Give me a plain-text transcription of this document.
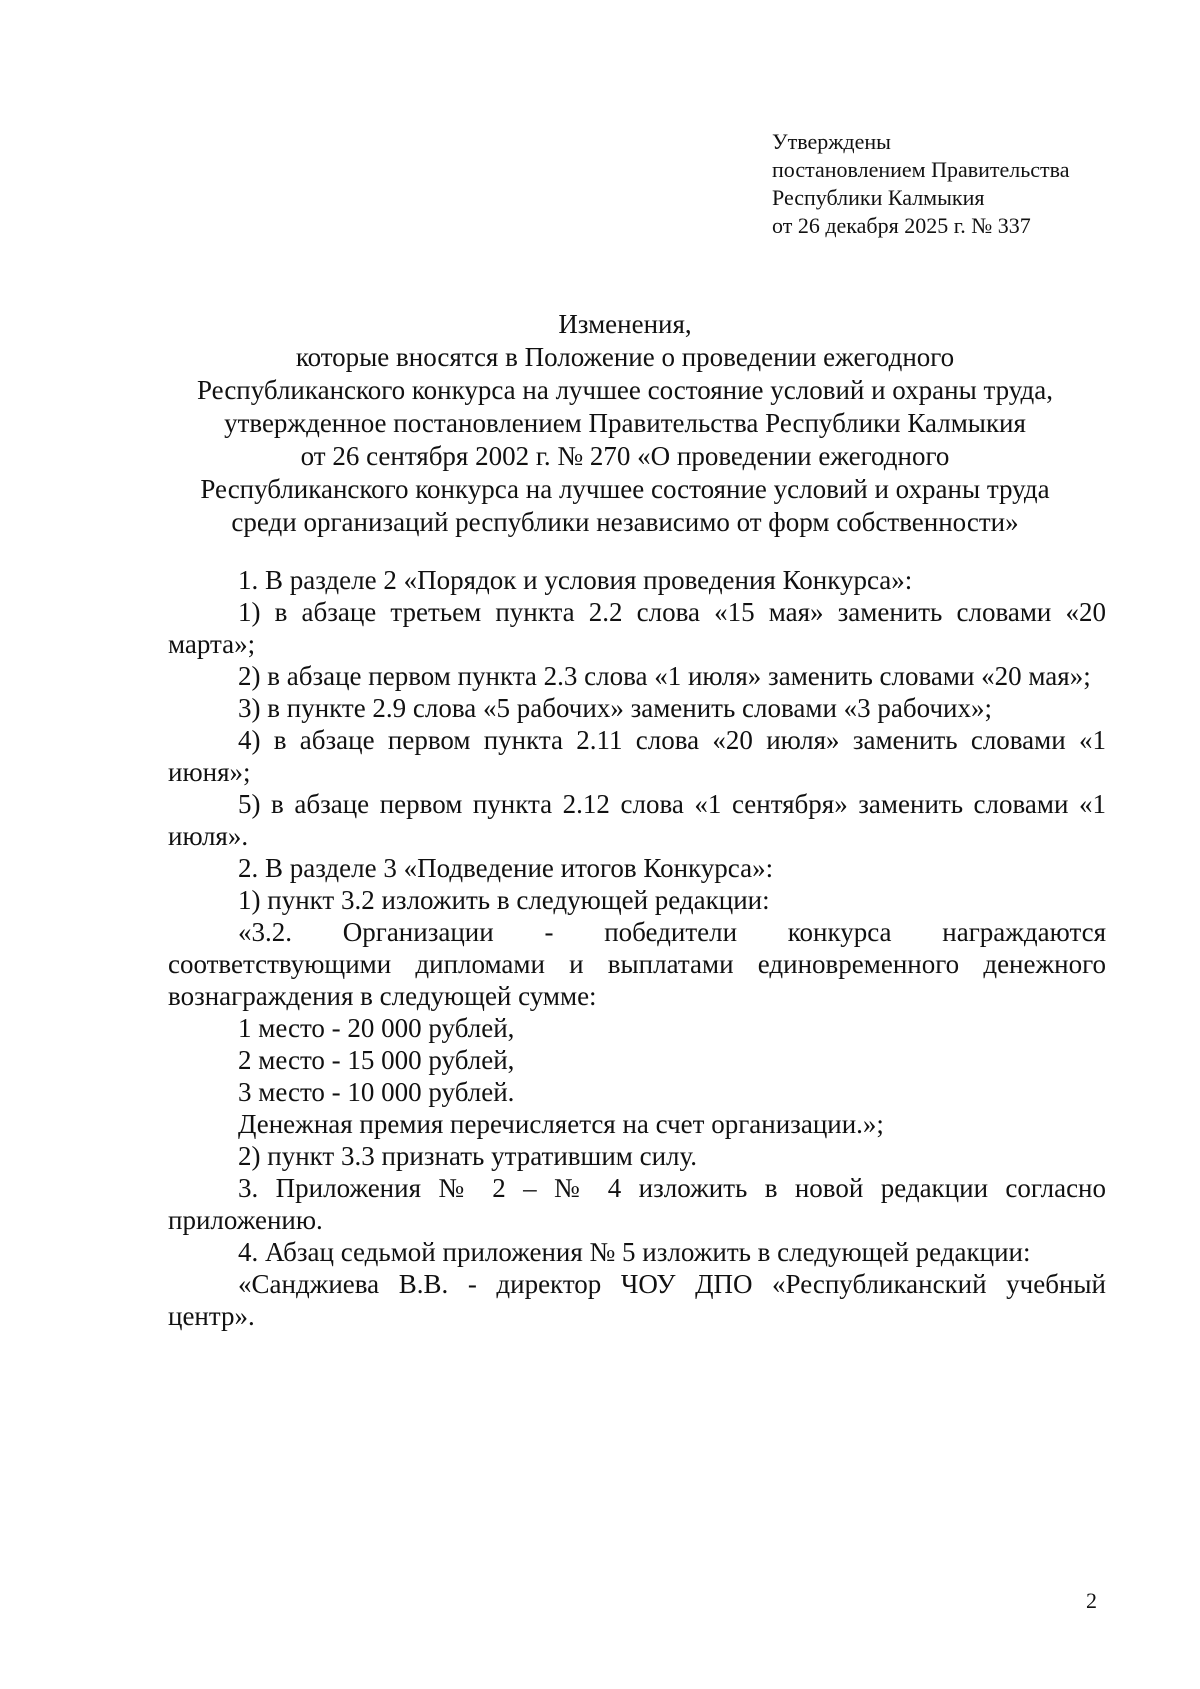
Утверждены
постановлением Правительства
Республики Калмыкия
от 26 декабря 2025 г. № 337
Изменения,
которые вносятся в Положение о проведении ежегодного
Республиканского конкурса на лучшее состояние условий и охраны труда,
утвержденное постановлением Правительства Республики Калмыкия
от 26 сентября 2002 г. № 270 «О проведении ежегодного
Республиканского конкурса на лучшее состояние условий и охраны труда
среди организаций республики независимо от форм собственности»

1. В разделе 2 «Порядок и условия проведения Конкурса»:

1) в абзаце третьем пункта 2.2 слова «15 мая» заменить словами «20 марта»;

2) в абзаце первом пункта 2.3 слова «1 июля» заменить словами «20 мая»;

3) в пункте 2.9 слова «5 рабочих» заменить словами «3 рабочих»;

4) в абзаце первом пункта 2.11 слова «20 июля» заменить словами «1 июня»;

5) в абзаце первом пункта 2.12 слова «1 сентября» заменить словами «1 июля».

2. В разделе 3 «Подведение итогов Конкурса»:

1) пункт 3.2 изложить в следующей редакции:

«3.2. Организации - победители конкурса награждаются соответствующими дипломами и выплатами единовременного денежного вознаграждения в следующей сумме:

1 место - 20 000 рублей,

2 место - 15 000 рублей,

3 место - 10 000 рублей.

Денежная премия перечисляется на счет организации.»;

2) пункт 3.3 признать утратившим силу.

3. Приложения № 2 – № 4 изложить в новой редакции согласно приложению.

4. Абзац седьмой приложения № 5 изложить в следующей редакции:

«Санджиева В.В. - директор ЧОУ ДПО «Республиканский учебный центр».

2
